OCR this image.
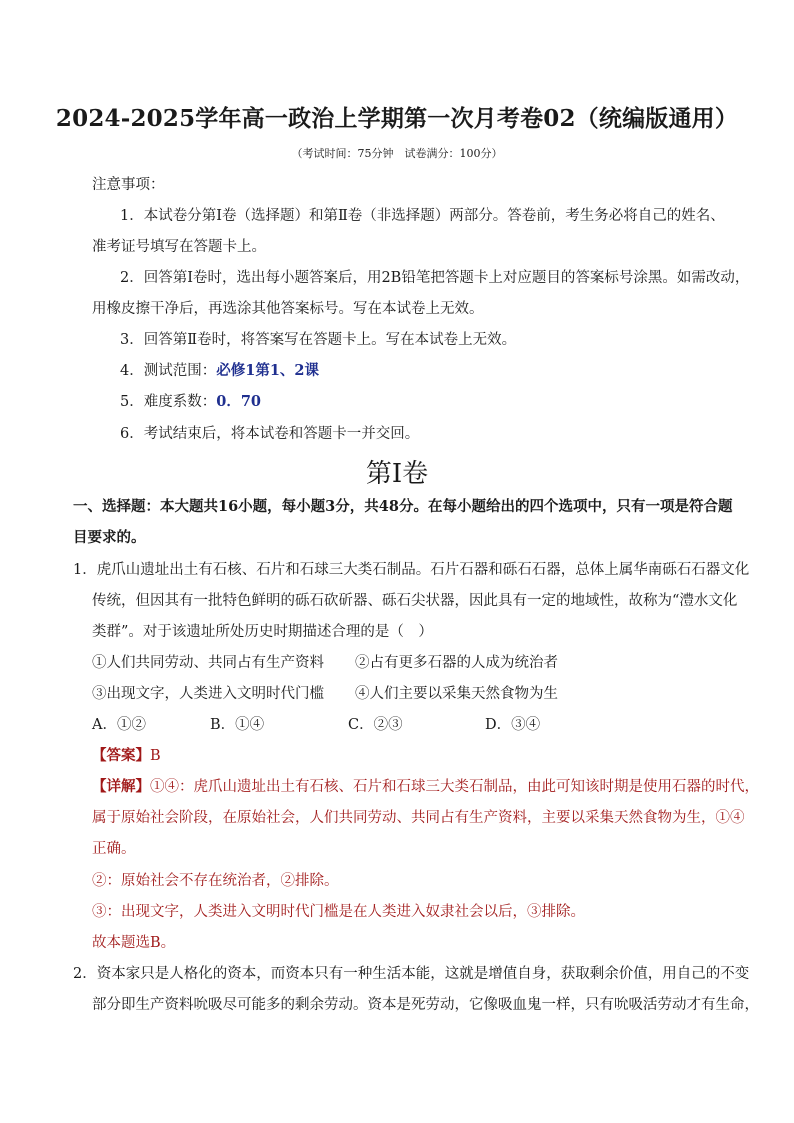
2024-2025学年高一政治上学期第一次月考卷02（统编版通用）
（考试时间：75分钟　试卷满分：100分）
注意事项：
1．本试卷分第Ⅰ卷（选择题）和第Ⅱ卷（非选择题）两部分。答卷前，考生务必将自己的姓名、
准考证号填写在答题卡上。
2．回答第Ⅰ卷时，选出每小题答案后，用2B铅笔把答题卡上对应题目的答案标号涂黑。如需改动，
用橡皮擦干净后，再选涂其他答案标号。写在本试卷上无效。
3．回答第Ⅱ卷时，将答案写在答题卡上。写在本试卷上无效。
4．测试范围：必修1第1、2课
5．难度系数：0．70
6．考试结束后，将本试卷和答题卡一并交回。
第Ⅰ卷
一、选择题：本大题共16小题，每小题3分，共48分。在每小题给出的四个选项中，只有一项是符合题
目要求的。
1．虎爪山遗址出土有石核、石片和石球三大类石制品。石片石器和砾石石器，总体上属华南砾石石器文化
传统，但因其有一批特色鲜明的砾石砍斫器、砾石尖状器，因此具有一定的地域性，故称为“澧水文化
类群”。对于该遗址所处历史时期描述合理的是（　）
①人们共同劳动、共同占有生产资料 ②占有更多石器的人成为统治者
③出现文字，人类进入文明时代门槛 ④人们主要以采集天然食物为生
A．①②	B．①④	C．②③	D．③④
【答案】B
【详解】①④：虎爪山遗址出土有石核、石片和石球三大类石制品，由此可知该时期是使用石器的时代，
属于原始社会阶段，在原始社会，人们共同劳动、共同占有生产资料，主要以采集天然食物为生，①④
正确。
②：原始社会不存在统治者，②排除。
③：出现文字，人类进入文明时代门槛是在人类进入奴隶社会以后，③排除。
故本题选B。
2．资本家只是人格化的资本，而资本只有一种生活本能，这就是增值自身，获取剩余价值，用自己的不变
部分即生产资料吮吸尽可能多的剩余劳动。资本是死劳动，它像吸血鬼一样，只有吮吸活劳动才有生命，
